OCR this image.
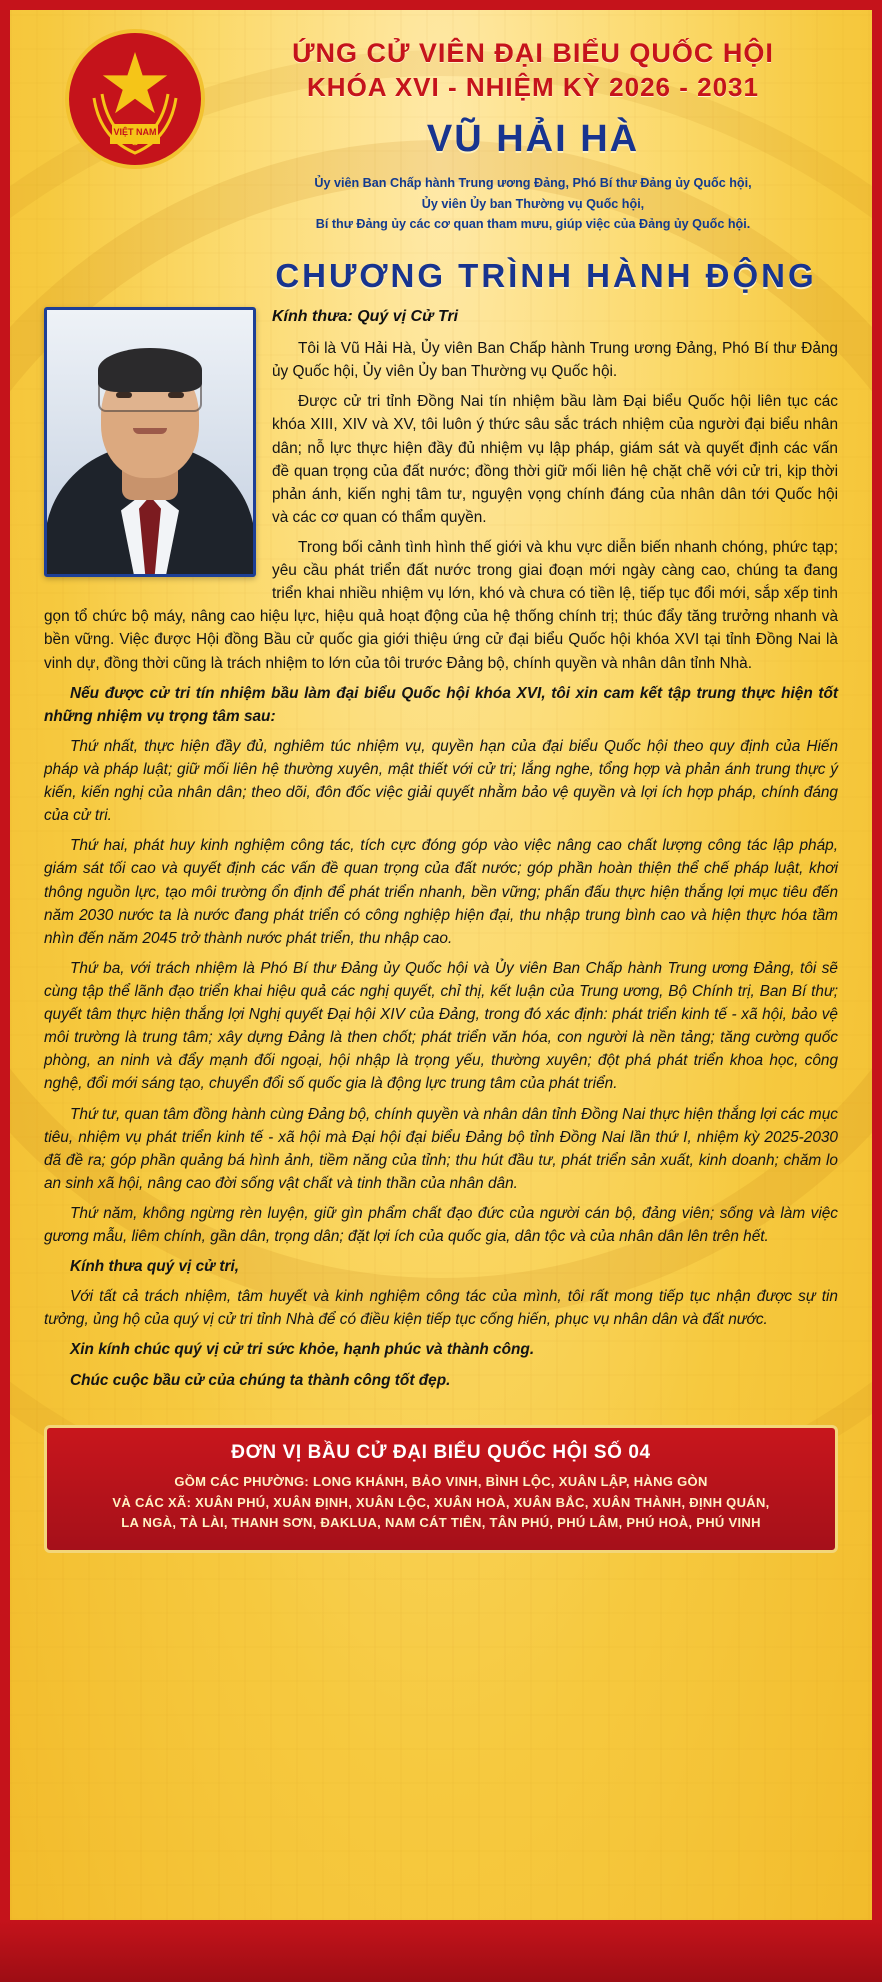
VIỆT NAM
ỨNG CỬ VIÊN ĐẠI BIỂU QUỐC HỘI
KHÓA XVI - NHIỆM KỲ 2026 - 2031
VŨ HẢI HÀ
Ủy viên Ban Chấp hành Trung ương Đảng, Phó Bí thư Đảng ủy Quốc hội,
Ủy viên Ủy ban Thường vụ Quốc hội,
Bí thư Đảng ủy các cơ quan tham mưu, giúp việc của Đảng ủy Quốc hội.
CHƯƠNG TRÌNH HÀNH ĐỘNG
Kính thưa: Quý vị Cử Tri

Tôi là Vũ Hải Hà, Ủy viên Ban Chấp hành Trung ương Đảng, Phó Bí thư Đảng ủy Quốc hội, Ủy viên Ủy ban Thường vụ Quốc hội.

Được cử tri tỉnh Đồng Nai tín nhiệm bầu làm Đại biểu Quốc hội liên tục các khóa XIII, XIV và XV, tôi luôn ý thức sâu sắc trách nhiệm của người đại biểu nhân dân; nỗ lực thực hiện đầy đủ nhiệm vụ lập pháp, giám sát và quyết định các vấn đề quan trọng của đất nước; đồng thời giữ mối liên hệ chặt chẽ với cử tri, kịp thời phản ánh, kiến nghị tâm tư, nguyện vọng chính đáng của nhân dân tới Quốc hội và các cơ quan có thẩm quyền.

Trong bối cảnh tình hình thế giới và khu vực diễn biến nhanh chóng, phức tạp; yêu cầu phát triển đất nước trong giai đoạn mới ngày càng cao, chúng ta đang triển khai nhiều nhiệm vụ lớn, khó và chưa có tiền lệ, tiếp tục đổi mới, sắp xếp tinh gọn tổ chức bộ máy, nâng cao hiệu lực, hiệu quả hoạt động của hệ thống chính trị; thúc đẩy tăng trưởng nhanh và bền vững. Việc được Hội đồng Bầu cử quốc gia giới thiệu ứng cử đại biểu Quốc hội khóa XVI tại tỉnh Đồng Nai là vinh dự, đồng thời cũng là trách nhiệm to lớn của tôi trước Đảng bộ, chính quyền và nhân dân tỉnh Nhà.

Nếu được cử tri tín nhiệm bầu làm đại biểu Quốc hội khóa XVI, tôi xin cam kết tập trung thực hiện tốt những nhiệm vụ trọng tâm sau:

Thứ nhất, thực hiện đầy đủ, nghiêm túc nhiệm vụ, quyền hạn của đại biểu Quốc hội theo quy định của Hiến pháp và pháp luật; giữ mối liên hệ thường xuyên, mật thiết với cử tri; lắng nghe, tổng hợp và phản ánh trung thực ý kiến, kiến nghị của nhân dân; theo dõi, đôn đốc việc giải quyết nhằm bảo vệ quyền và lợi ích hợp pháp, chính đáng của cử tri.

Thứ hai, phát huy kinh nghiệm công tác, tích cực đóng góp vào việc nâng cao chất lượng công tác lập pháp, giám sát tối cao và quyết định các vấn đề quan trọng của đất nước; góp phần hoàn thiện thể chế pháp luật, khơi thông nguồn lực, tạo môi trường ổn định để phát triển nhanh, bền vững; phấn đấu thực hiện thắng lợi mục tiêu đến năm 2030 nước ta là nước đang phát triển có công nghiệp hiện đại, thu nhập trung bình cao và hiện thực hóa tầm nhìn đến năm 2045 trở thành nước phát triển, thu nhập cao.

Thứ ba, với trách nhiệm là Phó Bí thư Đảng ủy Quốc hội và Ủy viên Ban Chấp hành Trung ương Đảng, tôi sẽ cùng tập thể lãnh đạo triển khai hiệu quả các nghị quyết, chỉ thị, kết luận của Trung ương, Bộ Chính trị, Ban Bí thư; quyết tâm thực hiện thắng lợi Nghị quyết Đại hội XIV của Đảng, trong đó xác định: phát triển kinh tế - xã hội, bảo vệ môi trường là trung tâm; xây dựng Đảng là then chốt; phát triển văn hóa, con người là nền tảng; tăng cường quốc phòng, an ninh và đẩy mạnh đối ngoại, hội nhập là trọng yếu, thường xuyên; đột phá phát triển khoa học, công nghệ, đổi mới sáng tạo, chuyển đổi số quốc gia là động lực trung tâm của phát triển.

Thứ tư, quan tâm đồng hành cùng Đảng bộ, chính quyền và nhân dân tỉnh Đồng Nai thực hiện thắng lợi các mục tiêu, nhiệm vụ phát triển kinh tế - xã hội mà Đại hội đại biểu Đảng bộ tỉnh Đồng Nai lần thứ I, nhiệm kỳ 2025-2030 đã đề ra; góp phần quảng bá hình ảnh, tiềm năng của tỉnh; thu hút đầu tư, phát triển sản xuất, kinh doanh; chăm lo an sinh xã hội, nâng cao đời sống vật chất và tinh thần của nhân dân.

Thứ năm, không ngừng rèn luyện, giữ gìn phẩm chất đạo đức của người cán bộ, đảng viên; sống và làm việc gương mẫu, liêm chính, gần dân, trọng dân; đặt lợi ích của quốc gia, dân tộc và của nhân dân lên trên hết.

Kính thưa quý vị cử tri,

Với tất cả trách nhiệm, tâm huyết và kinh nghiệm công tác của mình, tôi rất mong tiếp tục nhận được sự tin tưởng, ủng hộ của quý vị cử tri tỉnh Nhà để có điều kiện tiếp tục cống hiến, phục vụ nhân dân và đất nước.

Xin kính chúc quý vị cử tri sức khỏe, hạnh phúc và thành công.

Chúc cuộc bầu cử của chúng ta thành công tốt đẹp.

ĐƠN VỊ BẦU CỬ ĐẠI BIỂU QUỐC HỘI SỐ 04
GỒM CÁC PHƯỜNG: LONG KHÁNH, BẢO VINH, BÌNH LỘC, XUÂN LẬP, HÀNG GÒN
VÀ CÁC XÃ: XUÂN PHÚ, XUÂN ĐỊNH, XUÂN LỘC, XUÂN HOÀ, XUÂN BẮC, XUÂN THÀNH, ĐỊNH QUÁN,
LA NGÀ, TÀ LÀI, THANH SƠN, ĐAKLUA, NAM CÁT TIÊN, TÂN PHÚ, PHÚ LÂM, PHÚ HOÀ, PHÚ VINH
